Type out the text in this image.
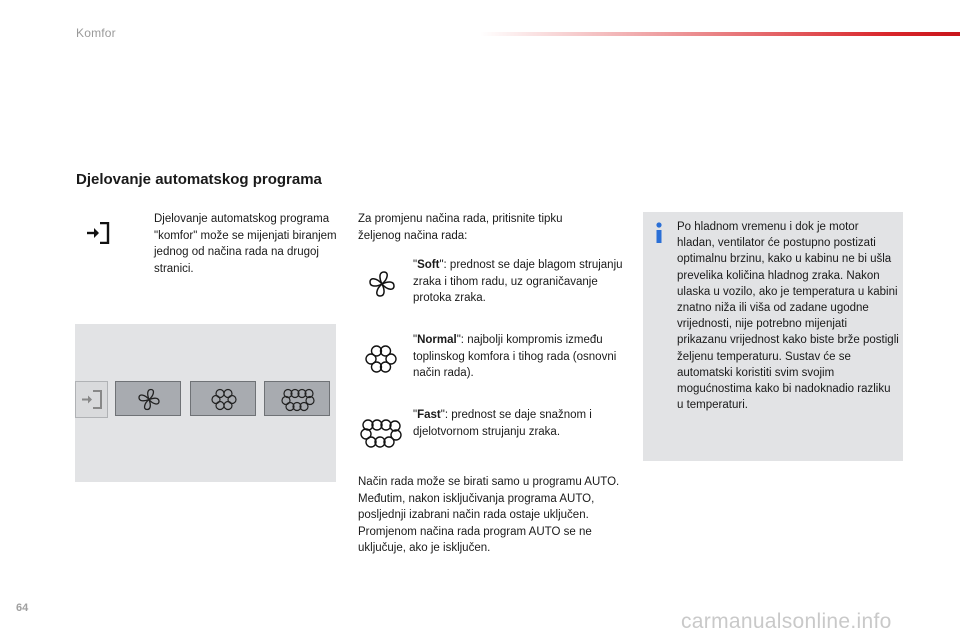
Komfor
Djelovanje automatskog programa
Djelovanje automatskog programa "komfor" može se mijenjati biranjem jednog od načina rada na drugoj stranici.
Za promjenu načina rada, pritisnite tipku željenog načina rada:
"Soft": prednost se daje blagom strujanju zraka i tihom radu, uz ograničavanje protoka zraka.
"Normal": najbolji kompromis između toplinskog komfora i tihog rada (osnovni način rada).
"Fast": prednost se daje snažnom i djelotvornom strujanju zraka.
Način rada može se birati samo u programu AUTO. Međutim, nakon isključivanja programa AUTO, posljednji izabrani način rada ostaje uključen. Promjenom načina rada program AUTO se ne uključuje, ako je isključen.
Po hladnom vremenu i dok je motor hladan, ventilator će postupno postizati optimalnu brzinu, kako u kabinu ne bi ušla prevelika količina hladnog zraka. Nakon ulaska u vozilo, ako je temperatura u kabini znatno niža ili viša od zadane ugodne vrijednosti, nije potrebno mijenjati prikazanu vrijednost kako biste brže postigli željenu temperaturu. Sustav će se automatski koristiti svim svojim mogućnostima kako bi nadoknadio razliku u temperaturi.
64
carmanualsonline.info
